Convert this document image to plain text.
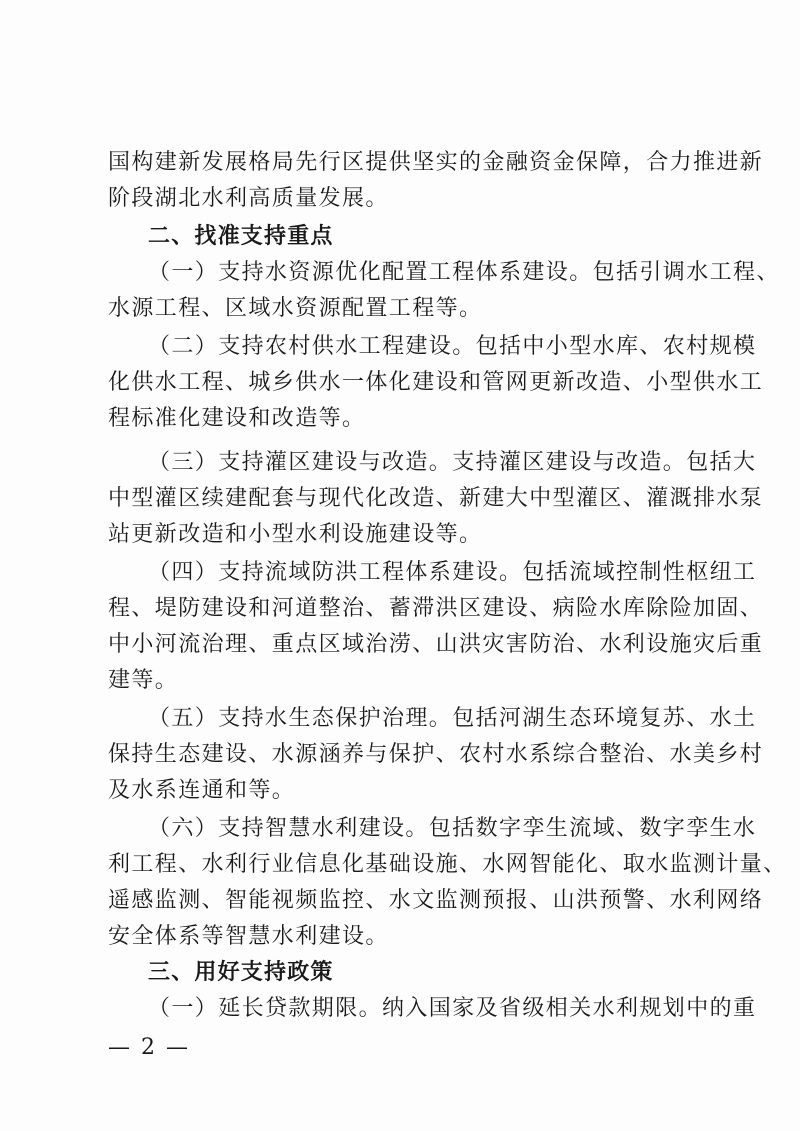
国构建新发展格局先行区提供坚实的金融资金保障，合力推进新
阶段湖北水利高质量发展。
二、找准支持重点
（一）支持水资源优化配置工程体系建设。包括引调水工程、
水源工程、区域水资源配置工程等。
（二）支持农村供水工程建设。包括中小型水库、农村规模
化供水工程、城乡供水一体化建设和管网更新改造、小型供水工
程标准化建设和改造等。
（三）支持灌区建设与改造。支持灌区建设与改造。包括大
中型灌区续建配套与现代化改造、新建大中型灌区、灌溉排水泵
站更新改造和小型水利设施建设等。
（四）支持流域防洪工程体系建设。包括流域控制性枢纽工
程、堤防建设和河道整治、蓄滞洪区建设、病险水库除险加固、
中小河流治理、重点区域治涝、山洪灾害防治、水利设施灾后重
建等。
（五）支持水生态保护治理。包括河湖生态环境复苏、水土
保持生态建设、水源涵养与保护、农村水系综合整治、水美乡村
及水系连通和等。
（六）支持智慧水利建设。包括数字孪生流域、数字孪生水
利工程、水利行业信息化基础设施、水网智能化、取水监测计量、
遥感监测、智能视频监控、水文监测预报、山洪预警、水利网络
安全体系等智慧水利建设。
三、用好支持政策
（一）延长贷款期限。纳入国家及省级相关水利规划中的重
— 2 —
